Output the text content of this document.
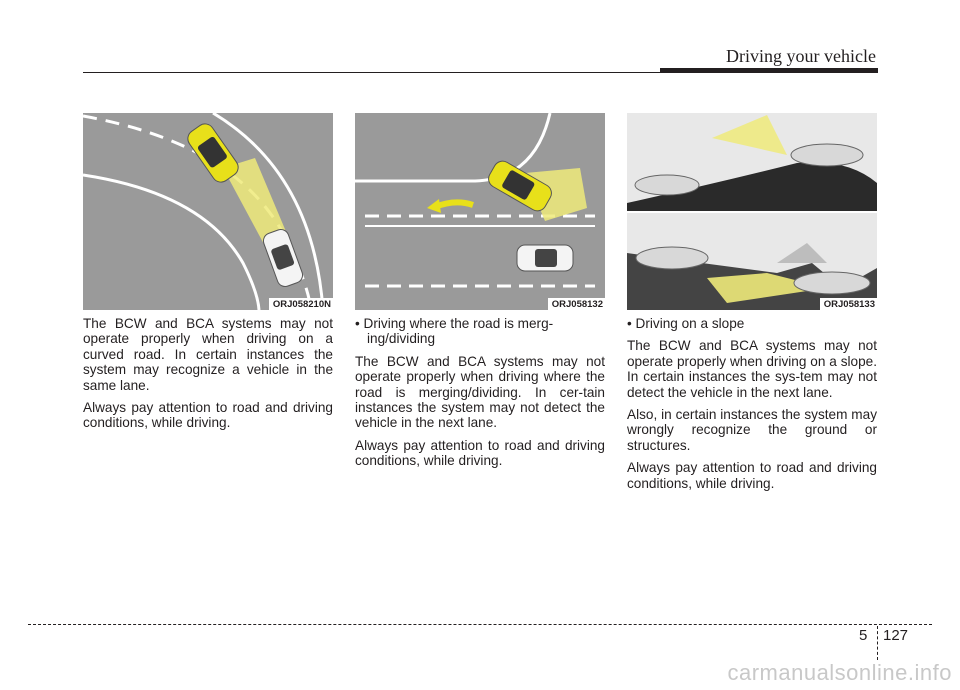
Driving your vehicle
ORJ058210N	ORJ058132	ORJ058133

The BCW and BCA systems may not operate properly when driving on a curved road. In certain instances the system may recognize a vehicle in the same lane.

Always pay attention to road and driving conditions, while driving.

• Driving where the road is merg-ing/dividing

The BCW and BCA systems may not operate properly when driving where the road is merging/dividing. In cer-tain instances the system may not detect the vehicle in the next lane.

Always pay attention to road and driving conditions, while driving.

• Driving on a slope

The BCW and BCA systems may not operate properly when driving on a slope. In certain instances the sys-tem may not detect the vehicle in the next lane.

Also, in certain instances the system may wrongly recognize the ground or structures.

Always pay attention to road and driving conditions, while driving.

5 127
carmanualsonline.info
